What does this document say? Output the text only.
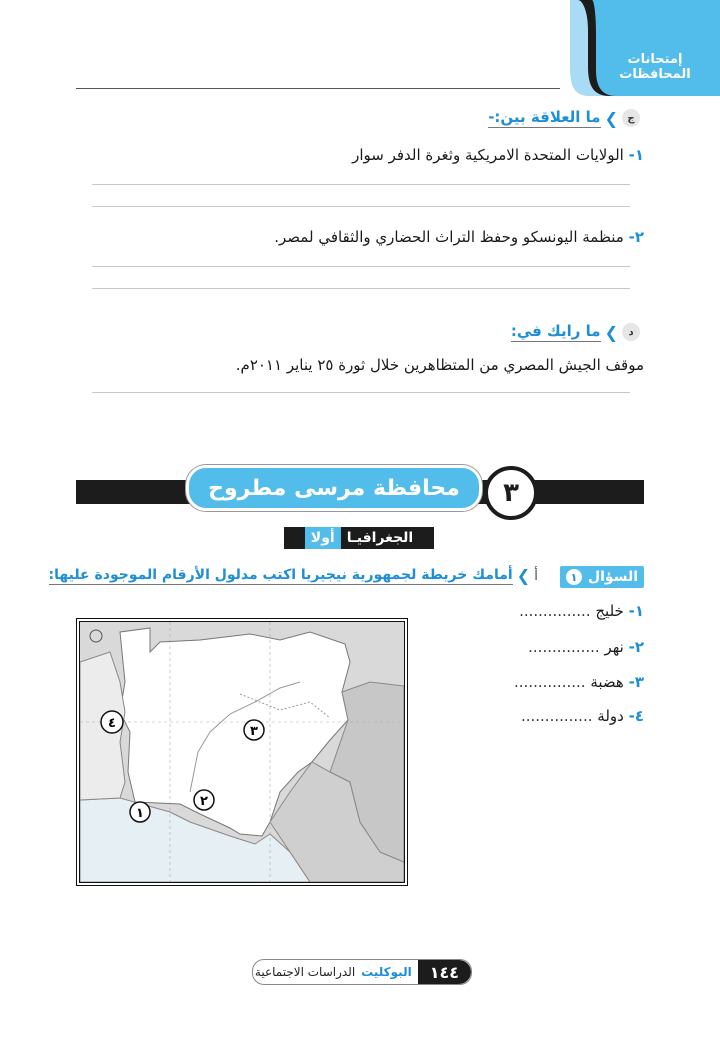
إمتحانات
المحافظات
ج
❯
ما العلاقة بين:-
١- الولايات المتحدة الامريكية وثغرة الدفر سوار
٢- منظمة اليونسكو وحفظ التراث الحضاري والثقافي لمصر.
د
❯
ما رايك في:
موقف الجيش المصري من المتظاهرين خلال ثورة ٢٥ يناير ٢٠١١م.
محافظة مرسى مطروح	٣
الجغرافيـا
أولا
السؤال
١
أ
❯
أمامك خريطة لجمهورية نيجيريا اكتب مدلول الأرقام الموجودة عليها:
١
٢
٣
٤
١- خليج ...............
٢- نهر ...............
٣- هضبة ...............
٤- دولة ...............
١٤٤
البوكليت
الدراسات الاجتماعية
